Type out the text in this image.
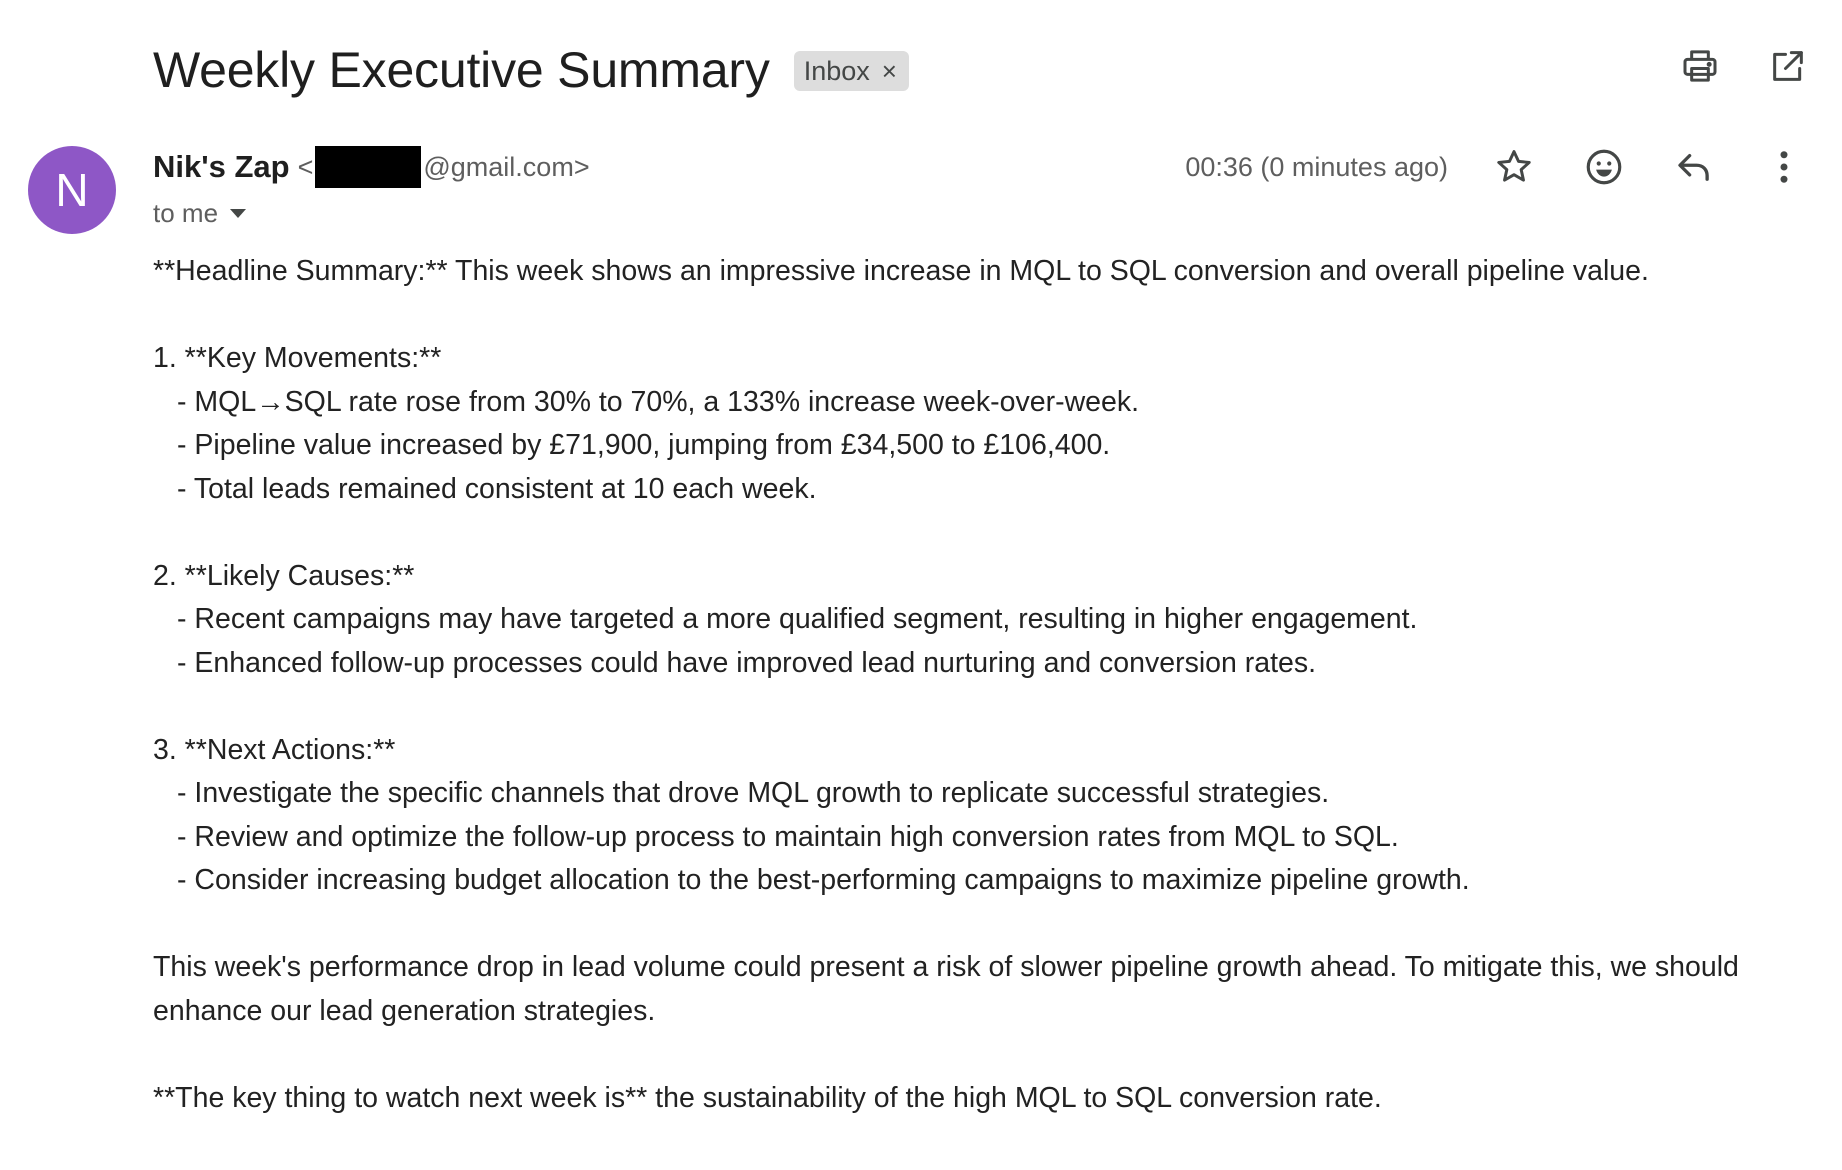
Weekly Executive Summary Inbox ×
N	Nik's Zap <	@gmail.com>
to me
00:36 (0 minutes ago)
**Headline Summary:** This week shows an impressive increase in MQL to SQL conversion and overall pipeline value.
1. **Key Movements:**
- MQL→SQL rate rose from 30% to 70%, a 133% increase week-over-week.
- Pipeline value increased by £71,900, jumping from £34,500 to £106,400.
- Total leads remained consistent at 10 each week.
2. **Likely Causes:**
- Recent campaigns may have targeted a more qualified segment, resulting in higher engagement.
- Enhanced follow-up processes could have improved lead nurturing and conversion rates.
3. **Next Actions:**
- Investigate the specific channels that drove MQL growth to replicate successful strategies.
- Review and optimize the follow-up process to maintain high conversion rates from MQL to SQL.
- Consider increasing budget allocation to the best-performing campaigns to maximize pipeline growth.
This week's performance drop in lead volume could present a risk of slower pipeline growth ahead. To mitigate this, we should enhance our lead generation strategies.
**The key thing to watch next week is** the sustainability of the high MQL to SQL conversion rate.
